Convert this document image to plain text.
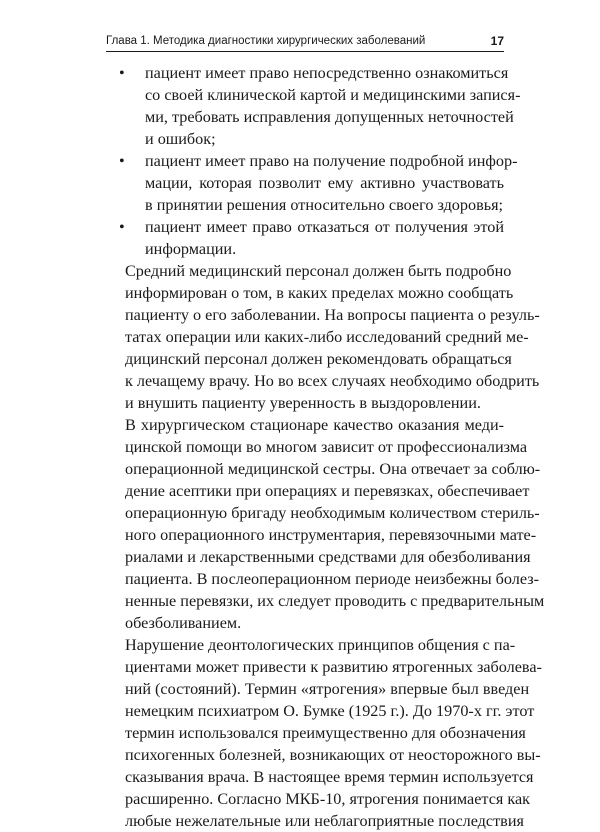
Глава 1. Методика диагностики хирургических заболеваний	17
• пациент имеет право непосредственно ознакомиться
со своей клинической картой и медицинскими запися-
ми, требовать исправления допущенных неточностей
и ошибок;
• пациент имеет право на получение подробной инфор-
мации, которая позволит ему активно участвовать
в принятии решения относительно своего здоровья;
• пациент имеет право отказаться от получения этой
информации.

Средний медицинский персонал должен быть подробно
информирован о том, в каких пределах можно сообщать
пациенту о его заболевании. На вопросы пациента о резуль-
татах операции или каких-либо исследований средний ме-
дицинский персонал должен рекомендовать обращаться
к лечащему врачу. Но во всех случаях необходимо ободрить
и внушить пациенту уверенность в выздоровлении.

В хирургическом стационаре качество оказания меди-
цинской помощи во многом зависит от профессионализма
операционной медицинской сестры. Она отвечает за соблю-
дение асептики при операциях и перевязках, обеспечивает
операционную бригаду необходимым количеством стериль-
ного операционного инструментария, перевязочными мате-
риалами и лекарственными средствами для обезболивания
пациента. В послеоперационном периоде неизбежны болез-
ненные перевязки, их следует проводить с предварительным
обезболиванием.

Нарушение деонтологических принципов общения с па-
циентами может привести к развитию ятрогенных заболева-
ний (состояний). Термин «ятрогения» впервые был введен
немецким психиатром О. Бумке (1925 г.). До 1970-х гг. этот
термин использовался преимущественно для обозначения
психогенных болезней, возникающих от неосторожного вы-
сказывания врача. В настоящее время термин используется
расширенно. Согласно МКБ-10, ятрогения понимается как
любые нежелательные или неблагоприятные последствия
